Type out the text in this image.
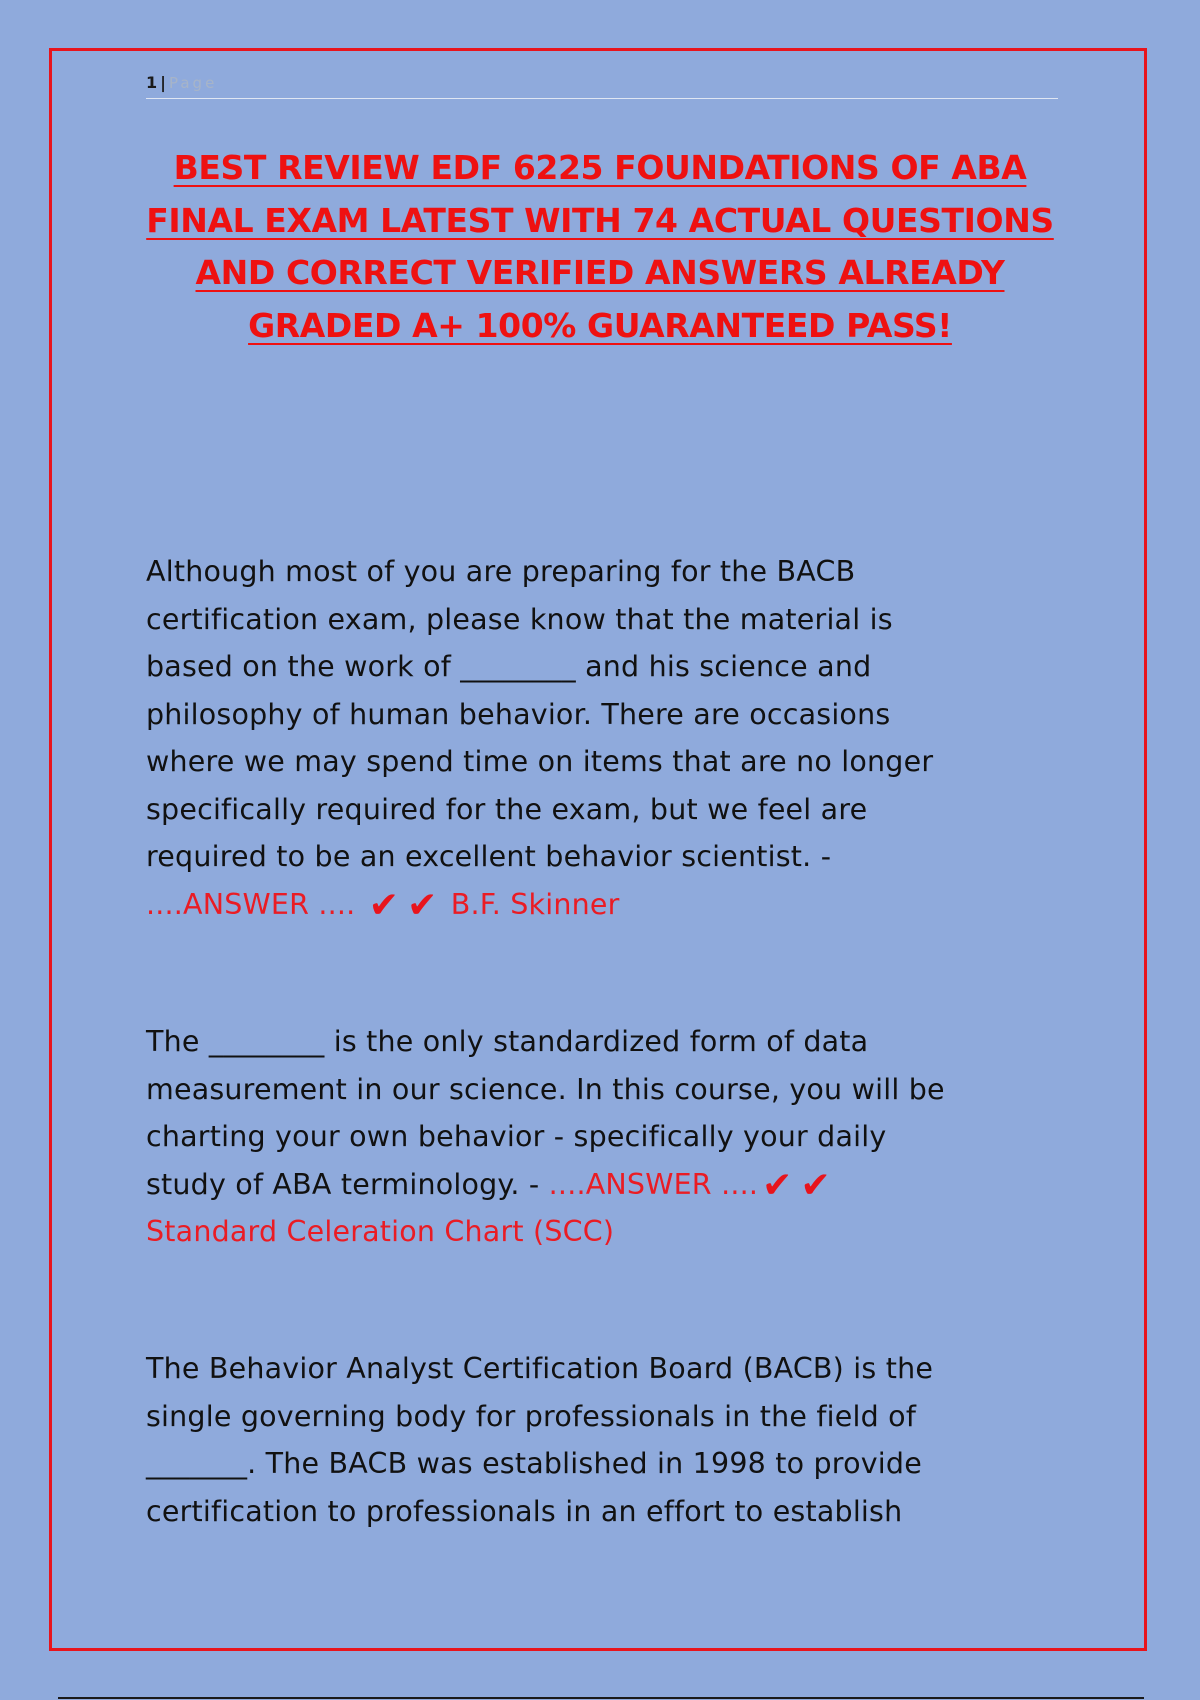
1 | Page
BEST REVIEW EDF 6225 FOUNDATIONS OF ABA FINAL EXAM LATEST WITH 74 ACTUAL QUESTIONS AND CORRECT VERIFIED ANSWERS ALREADY GRADED A+ 100% GUARANTEED PASS!

Although most of you are preparing for the BACB
certification exam, please know that the material is
based on the work of ________ and his science and
philosophy of human behavior. There are occasions
where we may spend time on items that are no longer
specifically required for the exam, but we feel are
required to be an excellent behavior scientist. -
....ANSWER .... ✔ ✔ B.F. Skinner

The ________ is the only standardized form of data
measurement in our science. In this course, you will be
charting your own behavior - specifically your daily
study of ABA terminology. - ....ANSWER .... ✔ ✔
Standard Celeration Chart (SCC)

The Behavior Analyst Certification Board (BACB) is the
single governing body for professionals in the field of
_______. The BACB was established in 1998 to provide
certification to professionals in an effort to establish
